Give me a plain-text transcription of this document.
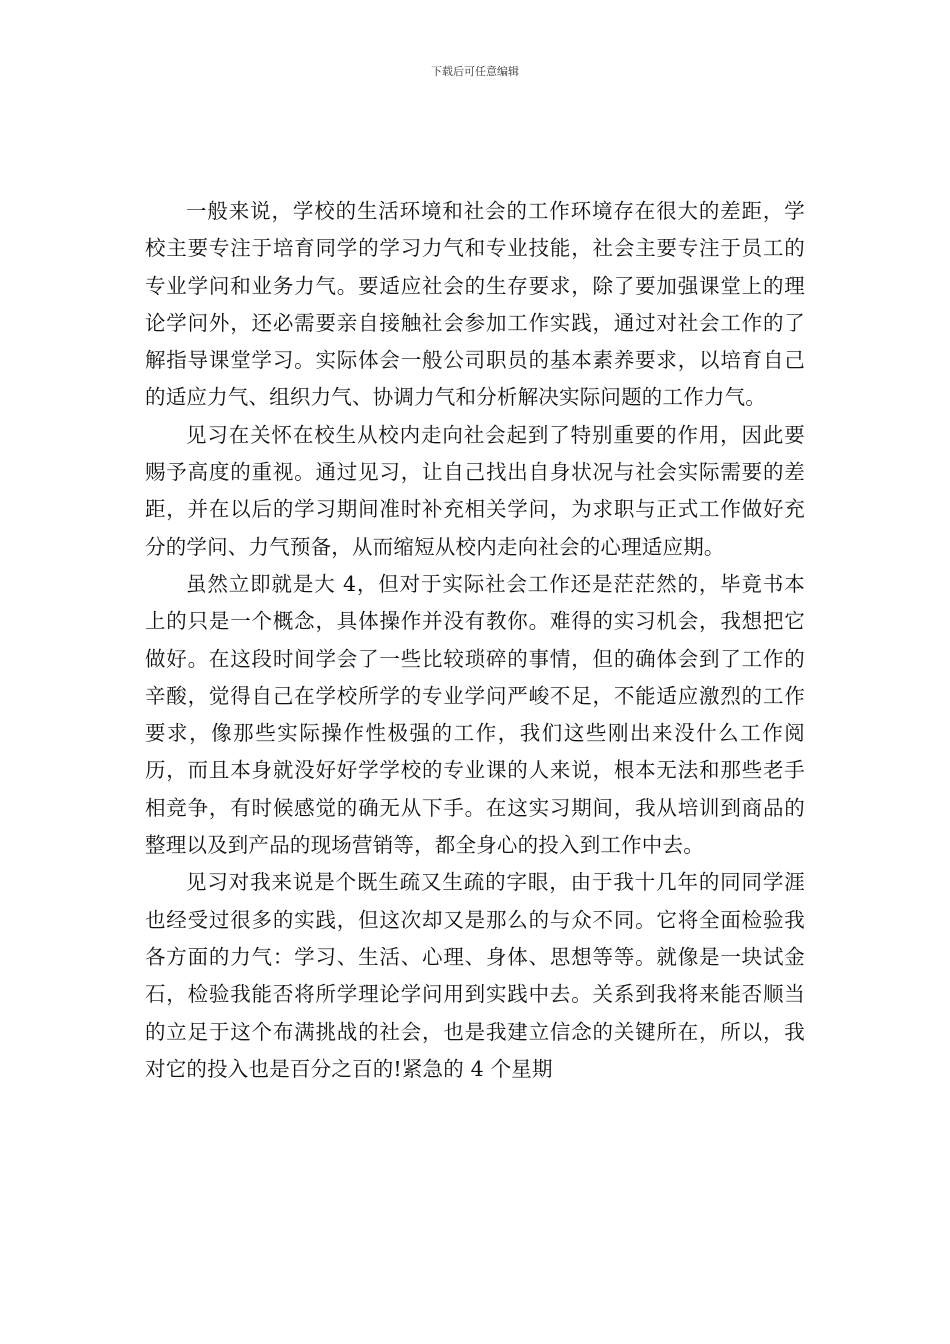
下载后可任意编辑

一般来说，学校的生活环境和社会的工作环境存在很大的差距，学校主要专注于培育同学的学习力气和专业技能，社会主要专注于员工的专业学问和业务力气。要适应社会的生存要求，除了要加强课堂上的理论学问外，还必需要亲自接触社会参加工作实践，通过对社会工作的了解指导课堂学习。实际体会一般公司职员的基本素养要求，以培育自己的适应力气、组织力气、协调力气和分析解决实际问题的工作力气。

见习在关怀在校生从校内走向社会起到了特别重要的作用，因此要赐予高度的重视。通过见习，让自己找出自身状况与社会实际需要的差距，并在以后的学习期间准时补充相关学问，为求职与正式工作做好充分的学问、力气预备，从而缩短从校内走向社会的心理适应期。

虽然立即就是大 4，但对于实际社会工作还是茫茫然的，毕竟书本上的只是一个概念，具体操作并没有教你。难得的实习机会，我想把它做好。在这段时间学会了一些比较琐碎的事情，但的确体会到了工作的辛酸，觉得自己在学校所学的专业学问严峻不足，不能适应激烈的工作要求，像那些实际操作性极强的工作，我们这些刚出来没什么工作阅历，而且本身就没好好学学校的专业课的人来说，根本无法和那些老手相竞争，有时候感觉的确无从下手。在这实习期间，我从培训到商品的整理以及到产品的现场营销等，都全身心的投入到工作中去。

见习对我来说是个既生疏又生疏的字眼，由于我十几年的同同学涯也经受过很多的实践，但这次却又是那么的与众不同。它将全面检验我各方面的力气：学习、生活、心理、身体、思想等等。就像是一块试金石，检验我能否将所学理论学问用到实践中去。关系到我将来能否顺当的立足于这个布满挑战的社会，也是我建立信念的关键所在，所以，我对它的投入也是百分之百的!紧急的 4 个星期
